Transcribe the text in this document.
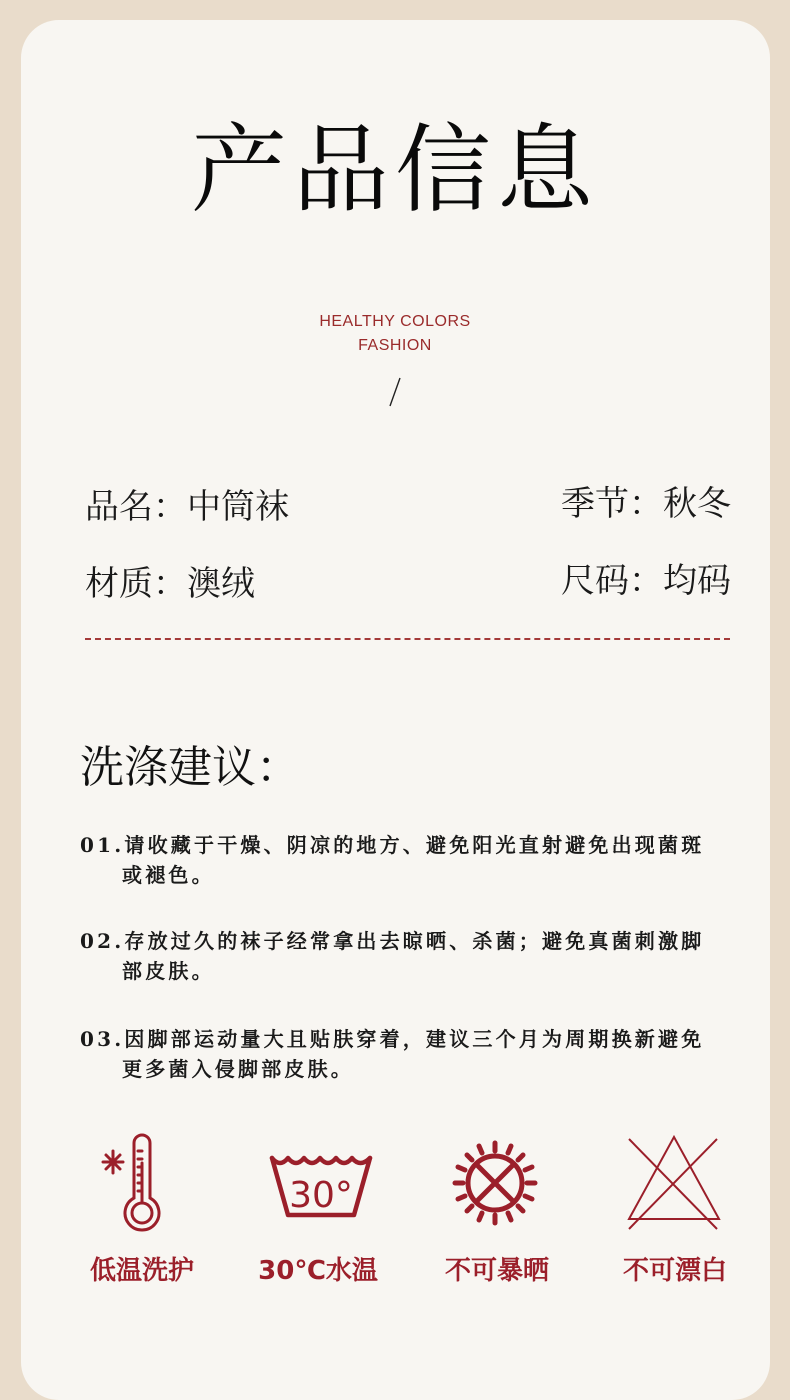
产品信息
HEALTHY COLORS
FASHION
品名：中筒袜	季节：秋冬
材质：澳绒	尺码：均码
洗涤建议：
01.请收藏于干燥、阴凉的地方、避免阳光直射避免出现菌斑
或褪色。
02.存放过久的袜子经常拿出去晾晒、杀菌；避免真菌刺激脚
部皮肤。
03.因脚部运动量大且贴肤穿着，建议三个月为周期换新避免
更多菌入侵脚部皮肤。
30°
低温洗护	30℃水温	不可暴晒	不可漂白
